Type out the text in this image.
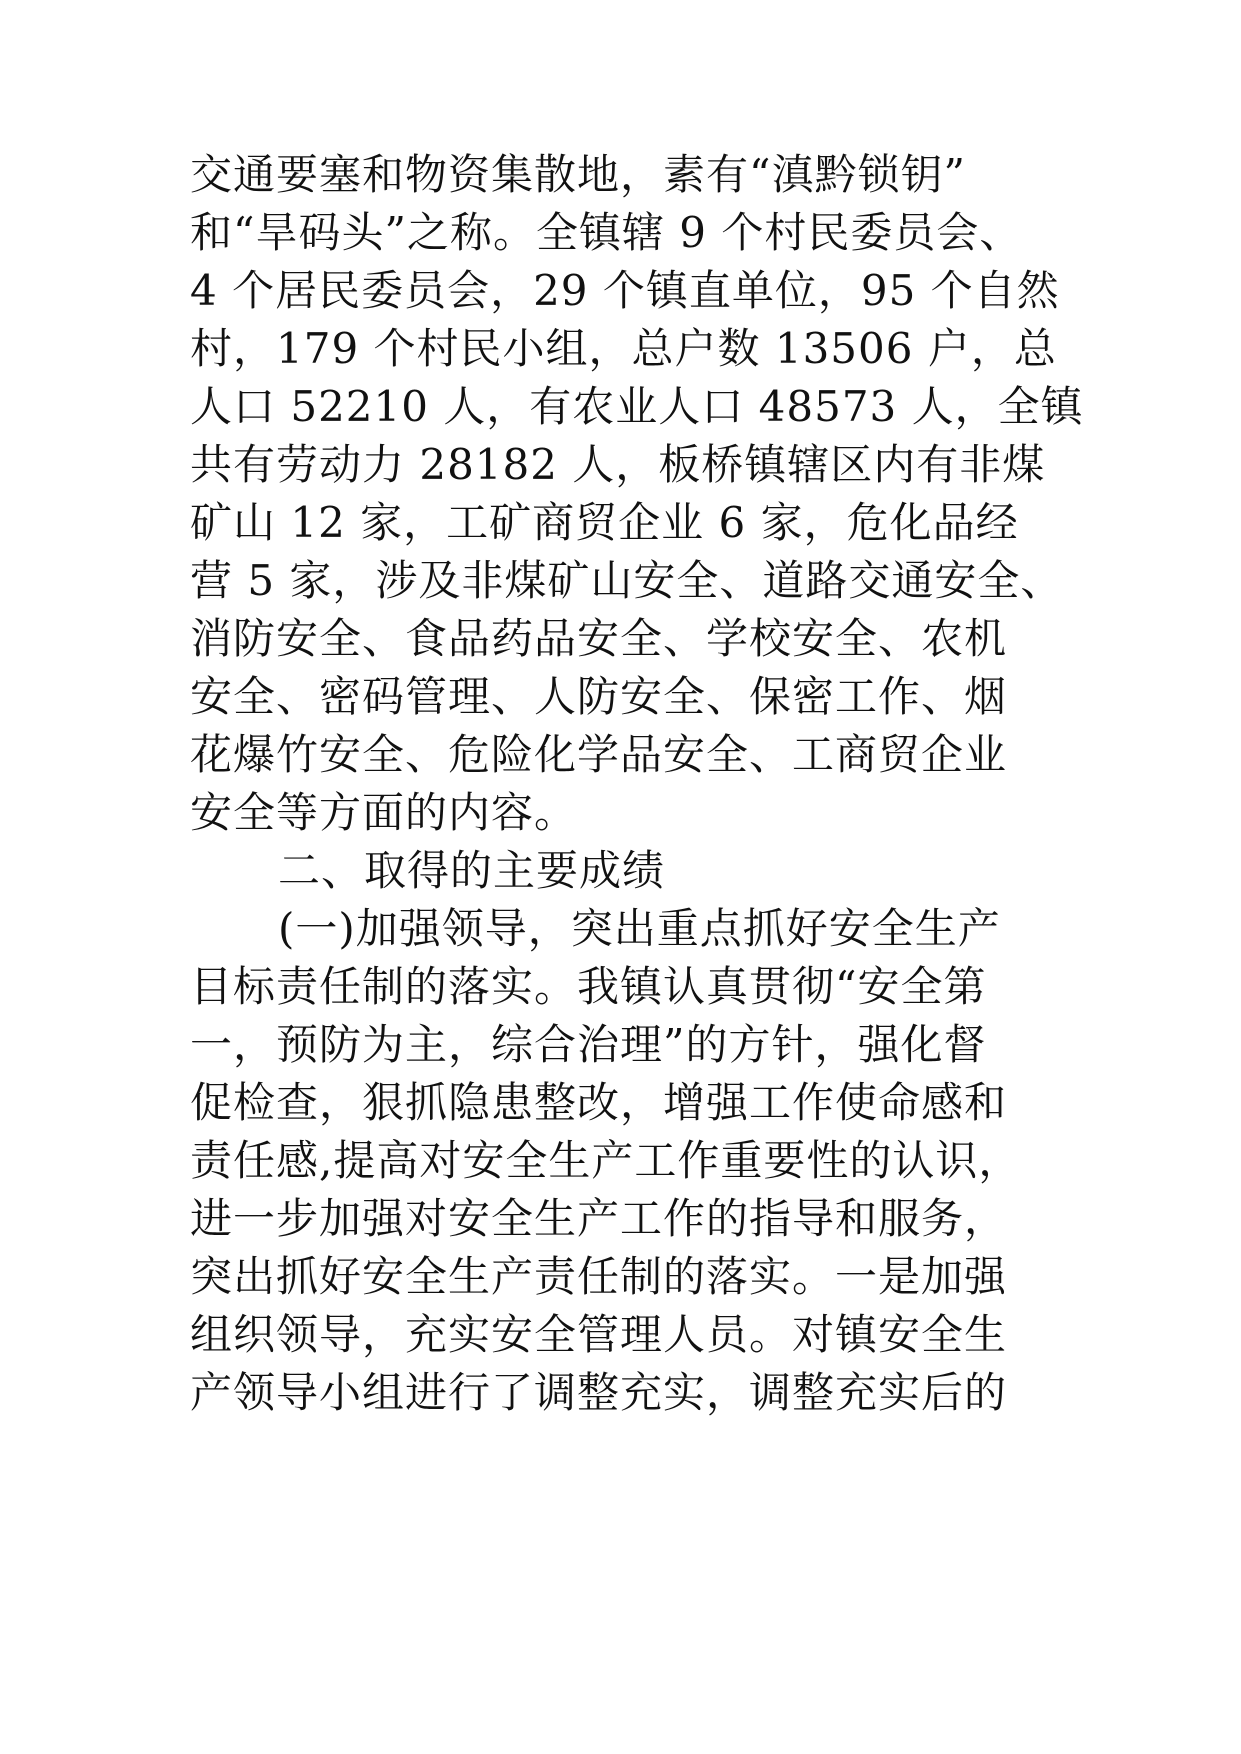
交通要塞和物资集散地，素有“滇黔锁钥”
和“旱码头”之称。全镇辖 9 个村民委员会、
4 个居民委员会，29 个镇直单位，95 个自然
村，179 个村民小组，总户数 13506 户，总
人口 52210 人，有农业人口 48573 人，全镇
共有劳动力 28182 人，板桥镇辖区内有非煤
矿山 12 家，工矿商贸企业 6 家，危化品经
营 5 家，涉及非煤矿山安全、道路交通安全、
消防安全、食品药品安全、学校安全、农机
安全、密码管理、人防安全、保密工作、烟
花爆竹安全、危险化学品安全、工商贸企业
安全等方面的内容。
二、取得的主要成绩
(一)加强领导，突出重点抓好安全生产
目标责任制的落实。我镇认真贯彻“安全第
一，预防为主，综合治理”的方针，强化督
促检查，狠抓隐患整改，增强工作使命感和
责任感,提高对安全生产工作重要性的认识，
进一步加强对安全生产工作的指导和服务，
突出抓好安全生产责任制的落实。一是加强
组织领导，充实安全管理人员。对镇安全生
产领导小组进行了调整充实，调整充实后的
